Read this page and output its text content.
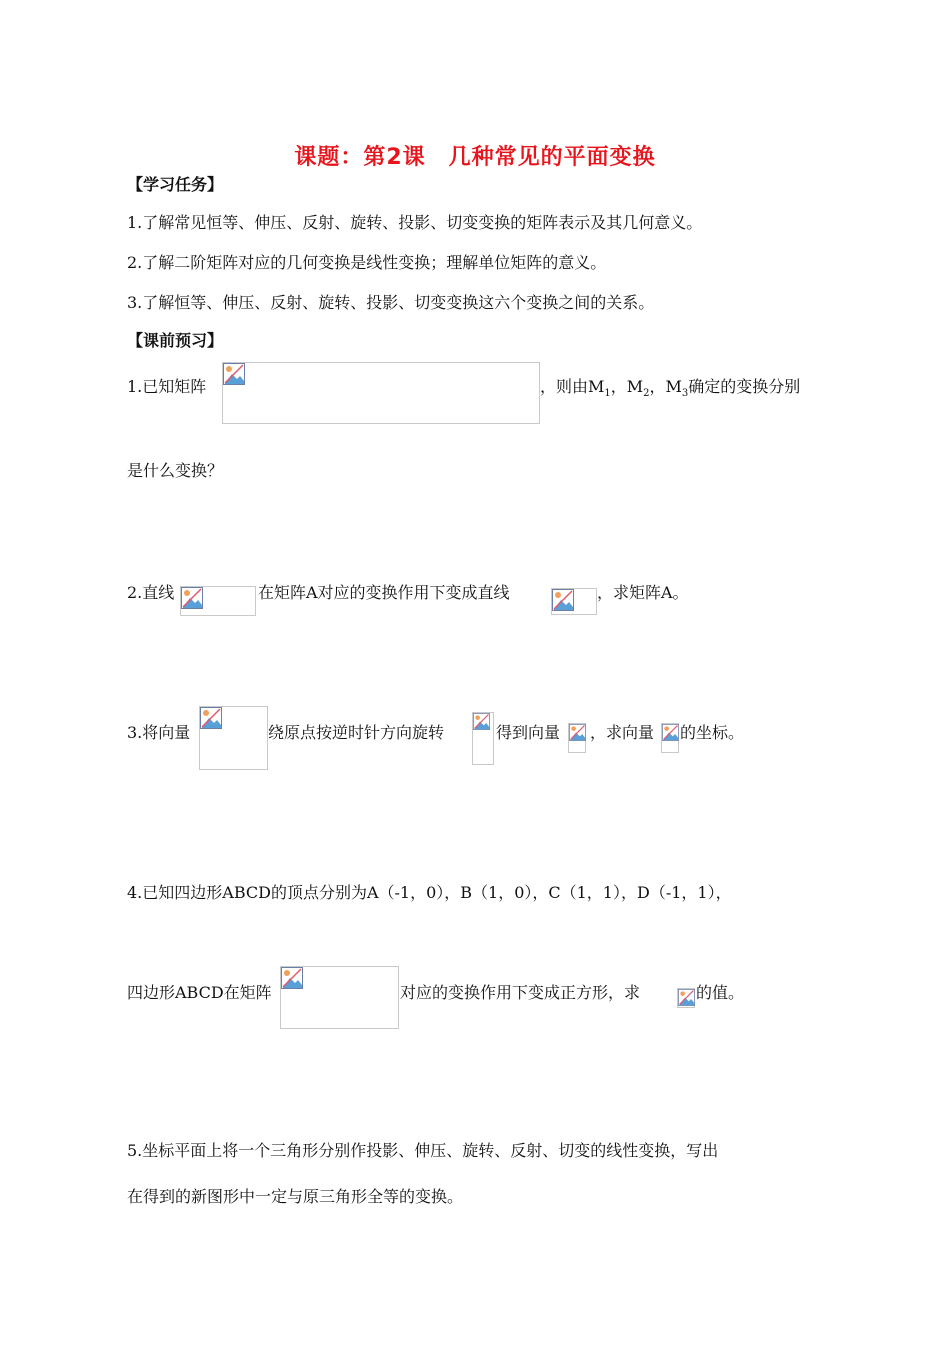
课题：第2课　几种常见的平面变换
【学习任务】
1.了解常见恒等、伸压、反射、旋转、投影、切变变换的矩阵表示及其几何意义。
2.了解二阶矩阵对应的几何变换是线性变换；理解单位矩阵的意义。
3.了解恒等、伸压、反射、旋转、投影、切变变换这六个变换之间的关系。
【课前预习】
1.已知矩阵	，则由$M_1$，$M_2$，$M_3$确定的变换分别
是什么变换？
2.直线	在矩阵A对应的变换作用下变成直线	，求矩阵A。
3.将向量	绕原点按逆时针方向旋转	得到向量 ，求向量 的坐标。
4.已知四边形ABCD的顶点分别为A（-1，0），B（1，0），C（1，1），D（-1，1），
四边形ABCD在矩阵	对应的变换作用下变成正方形，求	的值。
5.坐标平面上将一个三角形分别作投影、伸压、旋转、反射、切变的线性变换，写出
在得到的新图形中一定与原三角形全等的变换。
